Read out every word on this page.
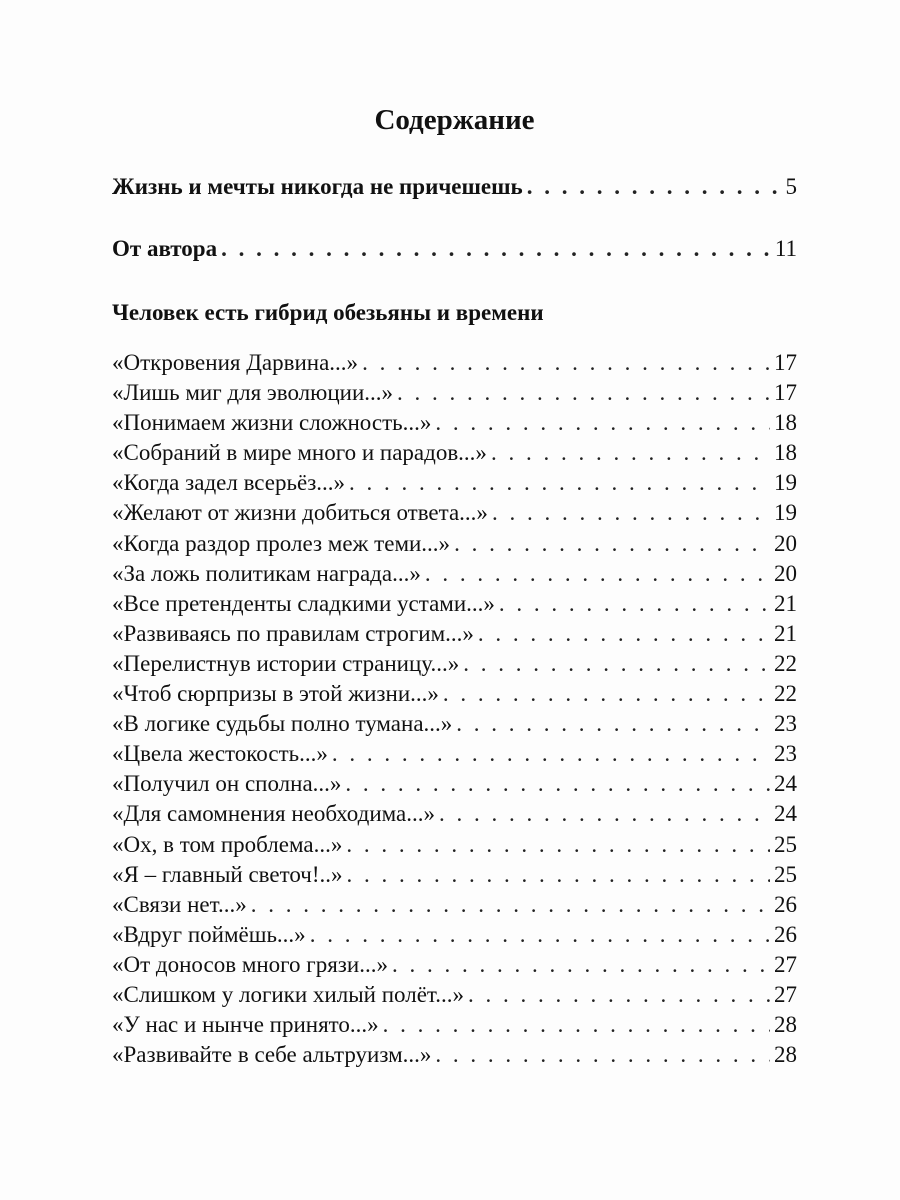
Содержание
Жизнь и мечты никогда не причешешь . . .	5
От автора . . .	11
Человек есть гибрид обезьяны и времени
«Откровения Дарвина...» . . .	17
«Лишь миг для эволюции...» . . .	17
«Понимаем жизни сложность...» . . .	18
«Собраний в мире много и парадов...» . . .	18
«Когда задел всерьёз...» . . .	19
«Желают от жизни добиться ответа...» . . .	19
«Когда раздор пролез меж теми...» . . .	20
«За ложь политикам награда...» . . .	20
«Все претенденты сладкими устами...» . . .	21
«Развиваясь по правилам строгим...» . . .	21
«Перелистнув истории страницу...» . . .	22
«Чтоб сюрпризы в этой жизни...» . . .	22
«В логике судьбы полно тумана...» . . .	23
«Цвела жестокость...» . . .	23
«Получил он сполна...» . . .	24
«Для самомнения необходима...» . . .	24
«Ох, в том проблема...» . . .	25
«Я – главный светоч!..» . . .	25
«Связи нет...» . . .	26
«Вдруг поймёшь...» . . .	26
«От доносов много грязи...» . . .	27
«Слишком у логики хилый полёт...» . . .	27
«У нас и нынче принято...» . . .	28
«Развивайте в себе альтруизм...» . . .	28
